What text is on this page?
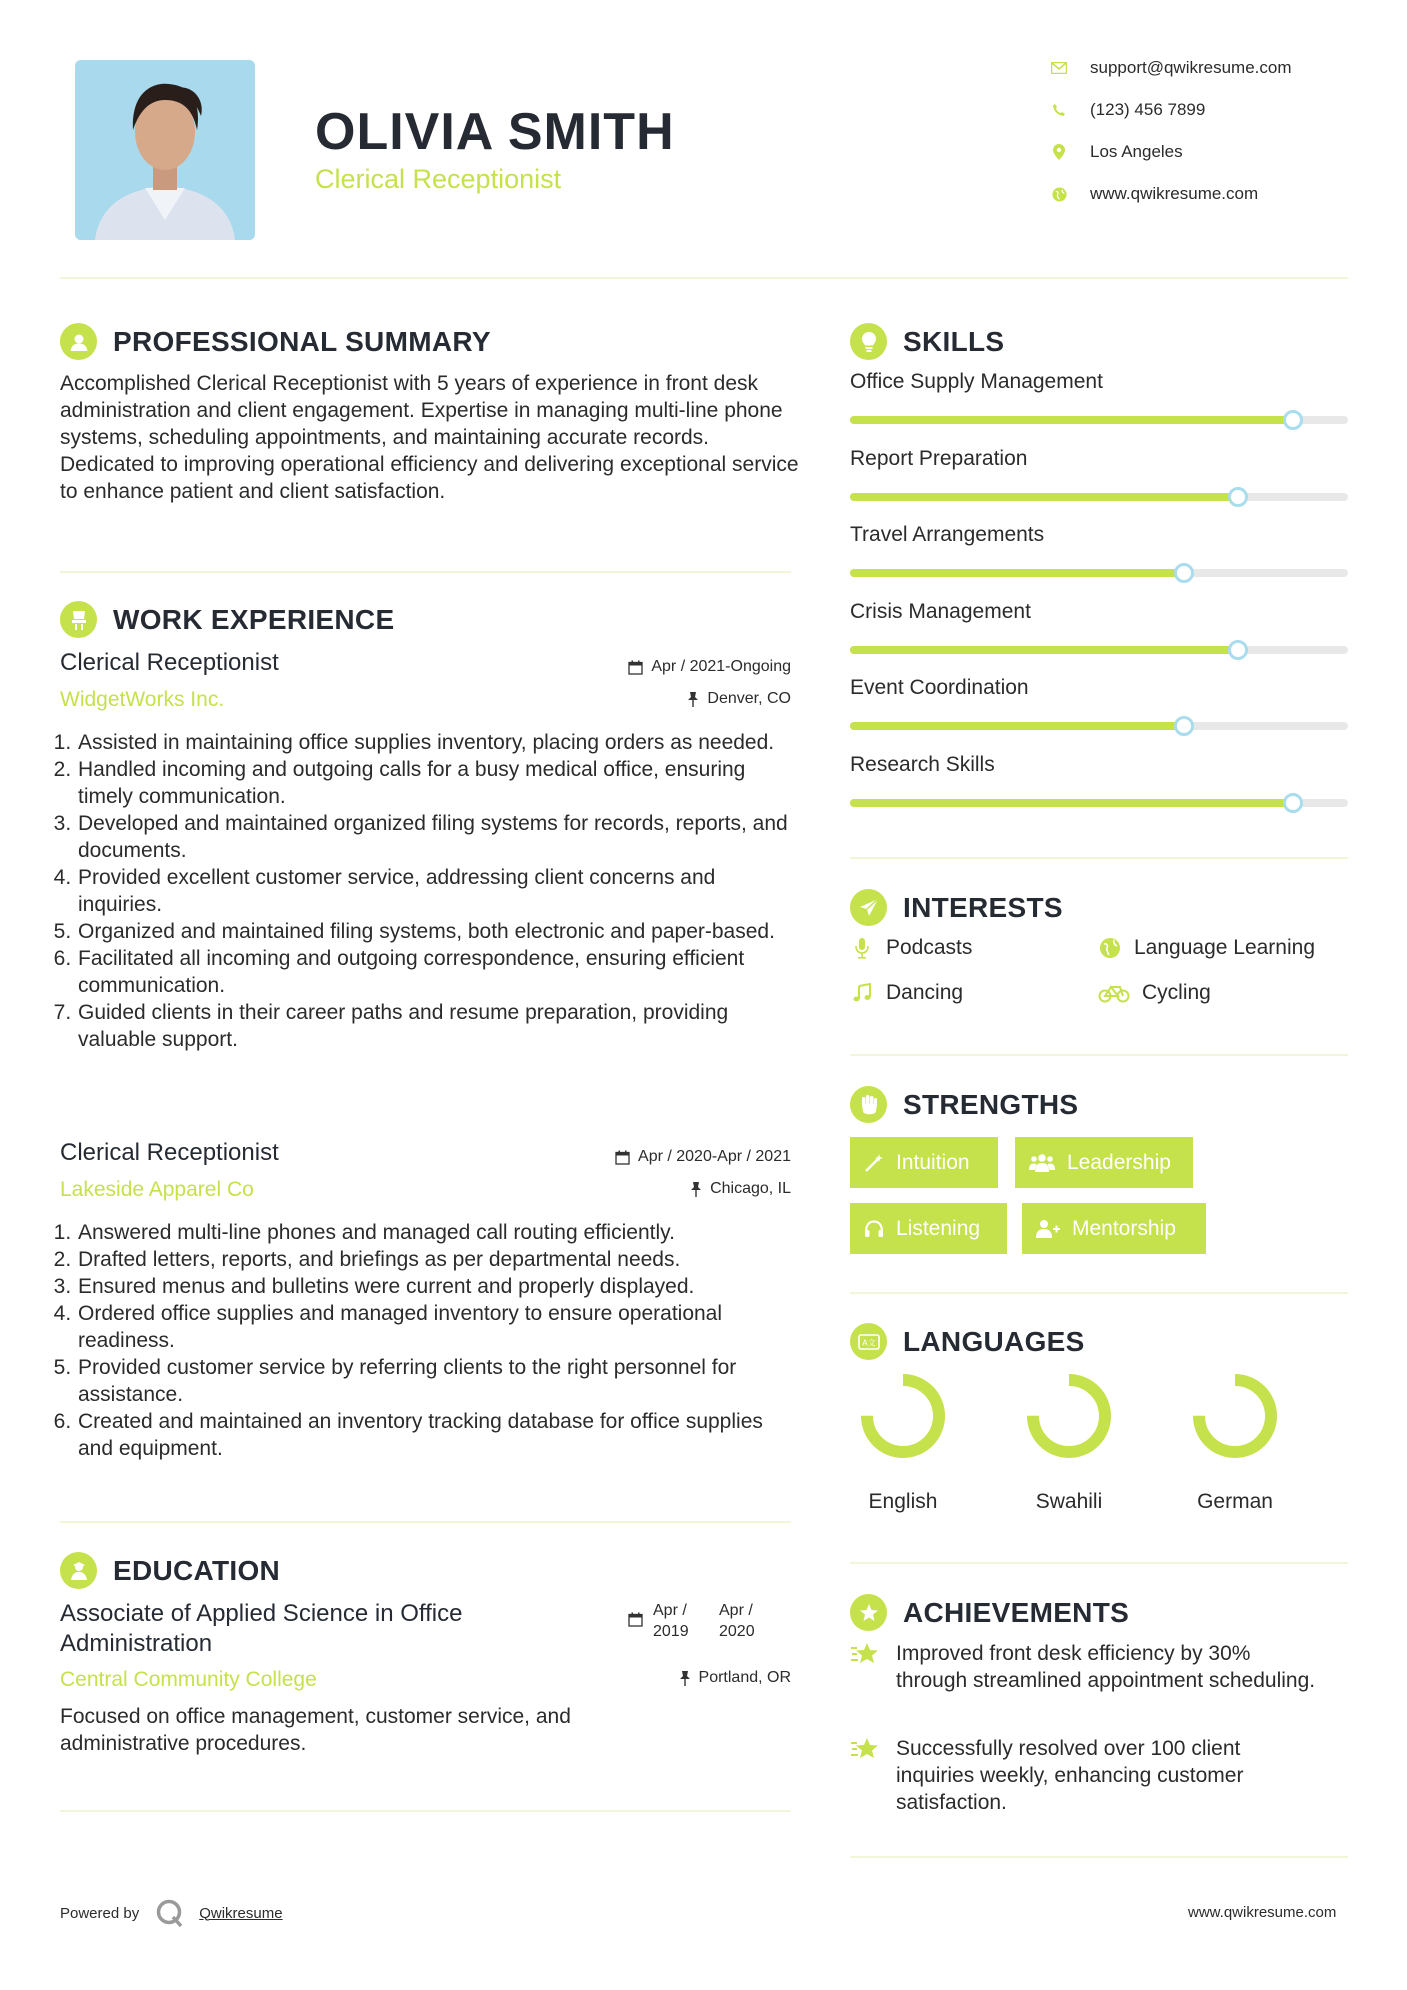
OLIVIA SMITH
Clerical Receptionist
support@qwikresume.com
(123) 456 7899
Los Angeles
www.qwikresume.com
PROFESSIONAL SUMMARY
Accomplished Clerical Receptionist with 5 years of experience in front desk administration and client engagement. Expertise in managing multi-line phone systems, scheduling appointments, and maintaining accurate records. Dedicated to improving operational efficiency and delivering exceptional service to enhance patient and client satisfaction.
WORK EXPERIENCE
Clerical Receptionist
WidgetWorks Inc.
Apr / 2021-Ongoing
Denver, CO
1. Assisted in maintaining office supplies inventory, placing orders as needed.
2. Handled incoming and outgoing calls for a busy medical office, ensuring timely communication.
3. Developed and maintained organized filing systems for records, reports, and documents.
4. Provided excellent customer service, addressing client concerns and inquiries.
5. Organized and maintained filing systems, both electronic and paper-based.
6. Facilitated all incoming and outgoing correspondence, ensuring efficient communication.
7. Guided clients in their career paths and resume preparation, providing valuable support.
Clerical Receptionist
Lakeside Apparel Co
Apr / 2020-Apr / 2021
Chicago, IL
1. Answered multi-line phones and managed call routing efficiently.
2. Drafted letters, reports, and briefings as per departmental needs.
3. Ensured menus and bulletins were current and properly displayed.
4. Ordered office supplies and managed inventory to ensure operational readiness.
5. Provided customer service by referring clients to the right personnel for assistance.
6. Created and maintained an inventory tracking database for office supplies and equipment.
EDUCATION
Associate of Applied Science in Office Administration
Apr / 2019
Apr / 2020
Central Community College	Portland, OR
Focused on office management, customer service, and administrative procedures.
SKILLS
Office Supply Management
Report Preparation
Travel Arrangements
Crisis Management
Event Coordination
Research Skills
INTERESTS
Podcasts	Language Learning
Dancing	Cycling
STRENGTHS
Intuition	Leadership
Listening	Mentorship
A文 LANGUAGES
English	Swahili	German
ACHIEVEMENTS
Improved front desk efficiency by 30% through streamlined appointment scheduling.
Successfully resolved over 100 client inquiries weekly, enhancing customer satisfaction.
Powered by	Qwikresume	www.qwikresume.com
